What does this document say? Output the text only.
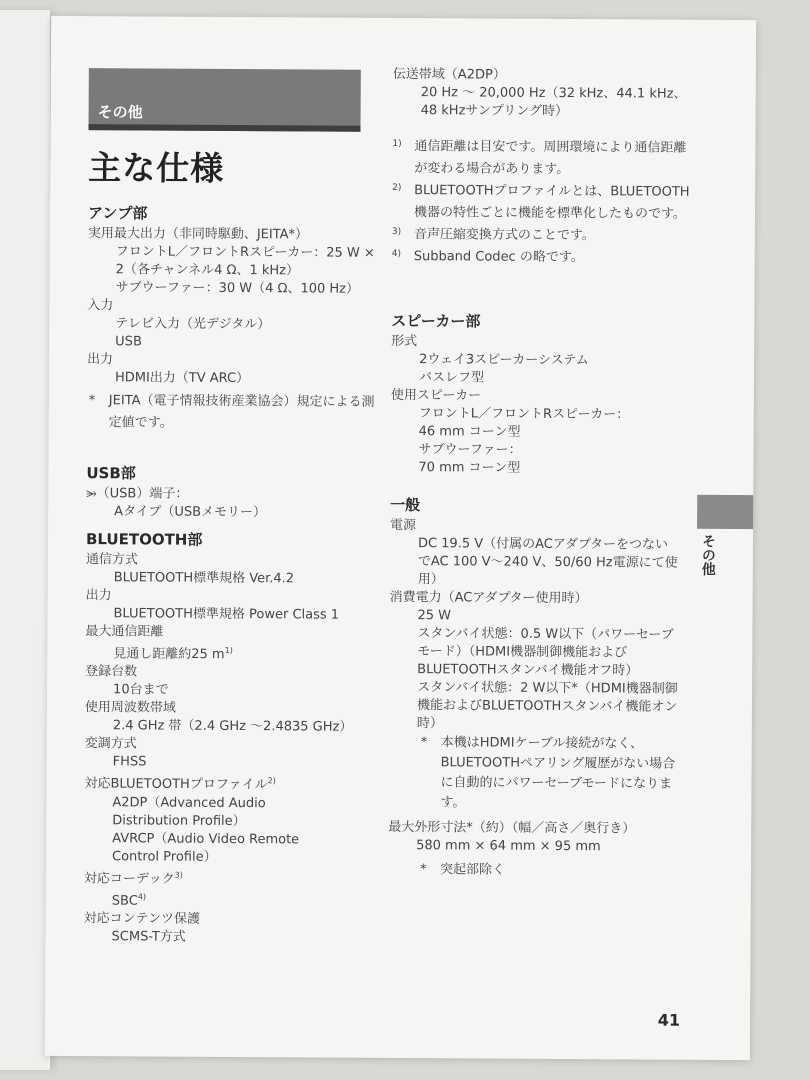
その他
主な仕様
アンプ部
実用最大出力（非同時駆動、JEITA*）
フロントL／フロントRスピーカー：25 W × 2（各チャンネル4 Ω、1 kHz）
サブウーファー：30 W（4 Ω、100 Hz）
入力
テレビ入力（光デジタル）
USB
出力
HDMI出力（TV ARC）
* JEITA（電子情報技術産業協会）規定による測定値です。
USB部
⭃（USB）端子：
Aタイプ（USBメモリー）
BLUETOOTH部
通信方式
BLUETOOTH標準規格 Ver.4.2
出力
BLUETOOTH標準規格 Power Class 1
最大通信距離
見通し距離約25 $m^{1)}$
登録台数
10台まで
使用周波数帯域
2.4 GHz 帯（2.4 GHz ～2.4835 GHz）
変調方式
FHSS
対応BLUETOOTHプロファイル$^{2)}$
A2DP（Advanced Audio
Distribution Profile）
AVRCP（Audio Video Remote
Control Profile）
対応コーデック$^{3)}$
SBC$^{4)}$
対応コンテンツ保護
SCMS-T方式
伝送帯域（A2DP）
20 Hz ～ 20,000 Hz（32 kHz、44.1 kHz、48 kHzサンプリング時）
1) 通信距離は目安です。周囲環境により通信距離が変わる場合があります。
2) BLUETOOTHプロファイルとは、BLUETOOTH機器の特性ごとに機能を標準化したものです。
3) 音声圧縮変換方式のことです。
4) Subband Codec の略です。
スピーカー部
形式
2ウェイ3スピーカーシステム
バスレフ型
使用スピーカー
フロントL／フロントRスピーカー：
46 mm コーン型
サブウーファー：
70 mm コーン型
一般
電源
DC 19.5 V（付属のACアダプターをつないでAC 100 V～240 V、50/60 Hz電源にて使用）
消費電力（ACアダプター使用時）
25 W
スタンバイ状態：0.5 W以下（パワーセーブモード）（HDMI機器制御機能およびBLUETOOTHスタンバイ機能オフ時）
スタンバイ状態：2 W以下*（HDMI機器制御機能およびBLUETOOTHスタンバイ機能オン時）
* 本機はHDMIケーブル接続がなく、BLUETOOTHペアリング履歴がない場合に自動的にパワーセーブモードになります。
最大外形寸法*（約）（幅／高さ／奥行き）
580 mm × 64 mm × 95 mm
* 突起部除く
その他
41
